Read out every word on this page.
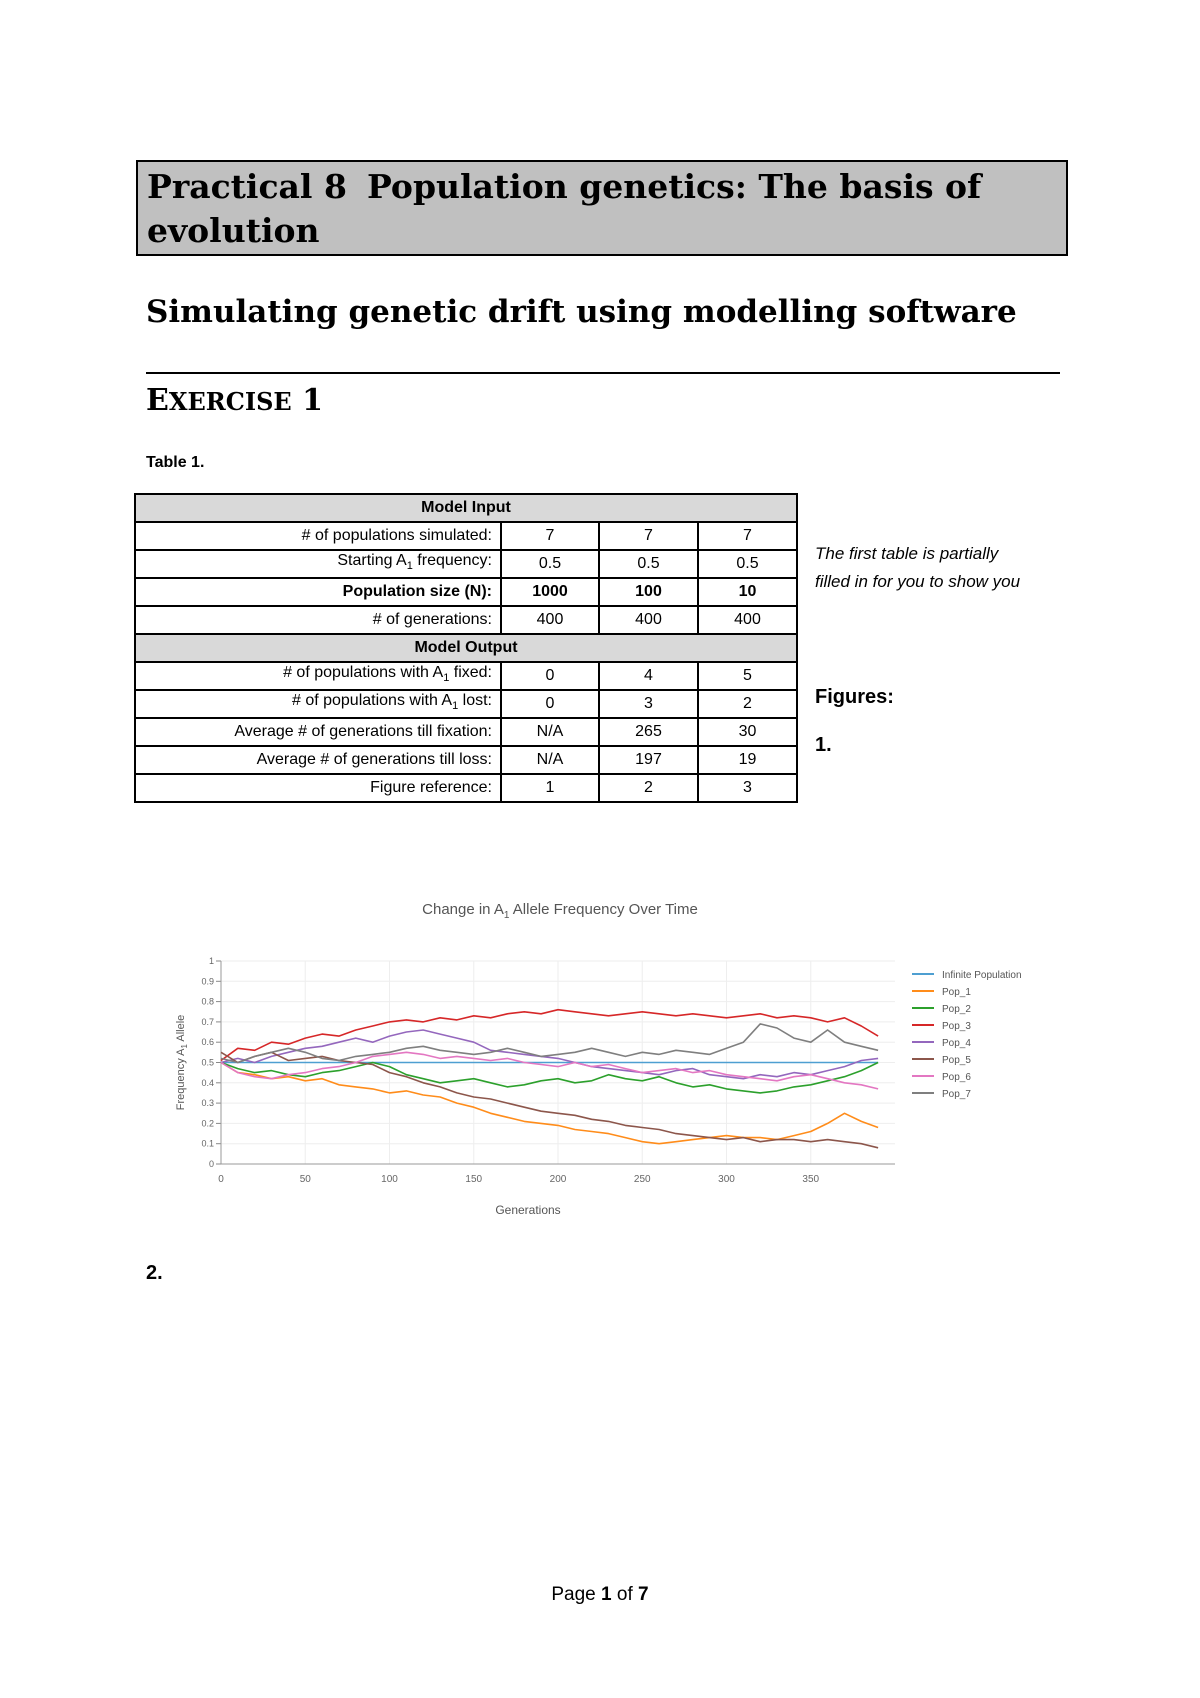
Practical 8 Population genetics: The basis of
evolution
Simulating genetic drift using modelling software
EXERCISE 1
Table 1.
Model Input			
# of populations simulated:	7	7	7
Starting $A_1$ frequency:	0.5	0.5	0.5
Population size (N):	1000	100	10
# of generations:	400	400	400
Model Output			
# of populations with $A_1$ fixed:	0	4	5
# of populations with $A_1$ lost:	0	3	2
Average # of generations till fixation:	N/A	265	30
Average # of generations till loss:	N/A	197	19
Figure reference:	1	2	3
The first table is partially
filled in for you to show you
Figures:
1.
Change in $A_1$ Allele Frequency Over Time
0
0.1
0.2
0.3
0.4
0.5
0.6
0.7
0.8
0.9
1
0	50	100	150	200	250	300	350
Generations
Frequency $A_1$ Allele
Infinite Population
Pop_1
Pop_2
Pop_3
Pop_4
Pop_5
Pop_6
Pop_7
2.
Page 1 of 7
